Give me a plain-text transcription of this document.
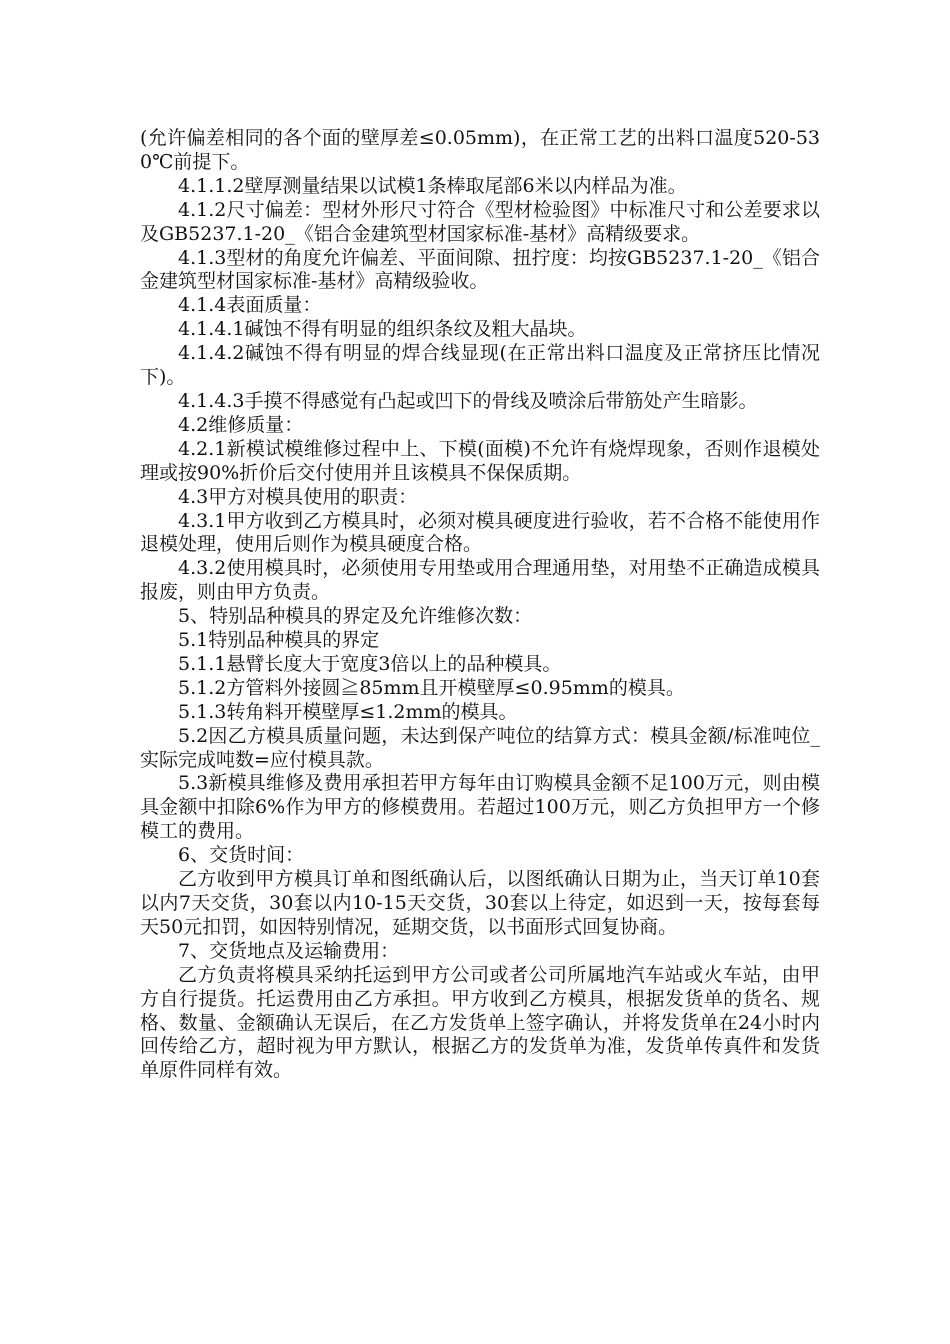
(允许偏差相同的各个面的壁厚差≤0.05mm)，在正常工艺的出料口温度520-530℃前提下。

4.1.1.2壁厚测量结果以试模1条棒取尾部6米以内样品为准。

4.1.2尺寸偏差：型材外形尺寸符合《型材检验图》中标准尺寸和公差要求以及GB5237.1-20_《铝合金建筑型材国家标准-基材》高精级要求。

4.1.3型材的角度允许偏差、平面间隙、扭拧度：均按GB5237.1-20_《铝合金建筑型材国家标准-基材》高精级验收。

4.1.4表面质量：

4.1.4.1碱蚀不得有明显的组织条纹及粗大晶块。

4.1.4.2碱蚀不得有明显的焊合线显现(在正常出料口温度及正常挤压比情况下)。

4.1.4.3手摸不得感觉有凸起或凹下的骨线及喷涂后带筋处产生暗影。

4.2维修质量：

4.2.1新模试模维修过程中上、下模(面模)不允许有烧焊现象，否则作退模处理或按90%折价后交付使用并且该模具不保保质期。

4.3甲方对模具使用的职责：

4.3.1甲方收到乙方模具时，必须对模具硬度进行验收，若不合格不能使用作退模处理，使用后则作为模具硬度合格。

4.3.2使用模具时，必须使用专用垫或用合理通用垫，对用垫不正确造成模具报废，则由甲方负责。

5、特别品种模具的界定及允许维修次数：

5.1特别品种模具的界定

5.1.1悬臂长度大于宽度3倍以上的品种模具。

5.1.2方管料外接圆≧85mm且开模壁厚≤0.95mm的模具。

5.1.3转角料开模壁厚≤1.2mm的模具。

5.2因乙方模具质量问题，未达到保产吨位的结算方式：模具金额/标准吨位_实际完成吨数=应付模具款。

5.3新模具维修及费用承担若甲方每年由订购模具金额不足100万元，则由模具金额中扣除6%作为甲方的修模费用。若超过100万元，则乙方负担甲方一个修模工的费用。

6、交货时间：

乙方收到甲方模具订单和图纸确认后，以图纸确认日期为止，当天订单10套以内7天交货，30套以内10-15天交货，30套以上待定，如迟到一天，按每套每天50元扣罚，如因特别情况，延期交货，以书面形式回复协商。

7、交货地点及运输费用：

乙方负责将模具采纳托运到甲方公司或者公司所属地汽车站或火车站，由甲方自行提货。托运费用由乙方承担。甲方收到乙方模具，根据发货单的货名、规格、数量、金额确认无误后，在乙方发货单上签字确认，并将发货单在24小时内回传给乙方，超时视为甲方默认，根据乙方的发货单为准，发货单传真件和发货单原件同样有效。
